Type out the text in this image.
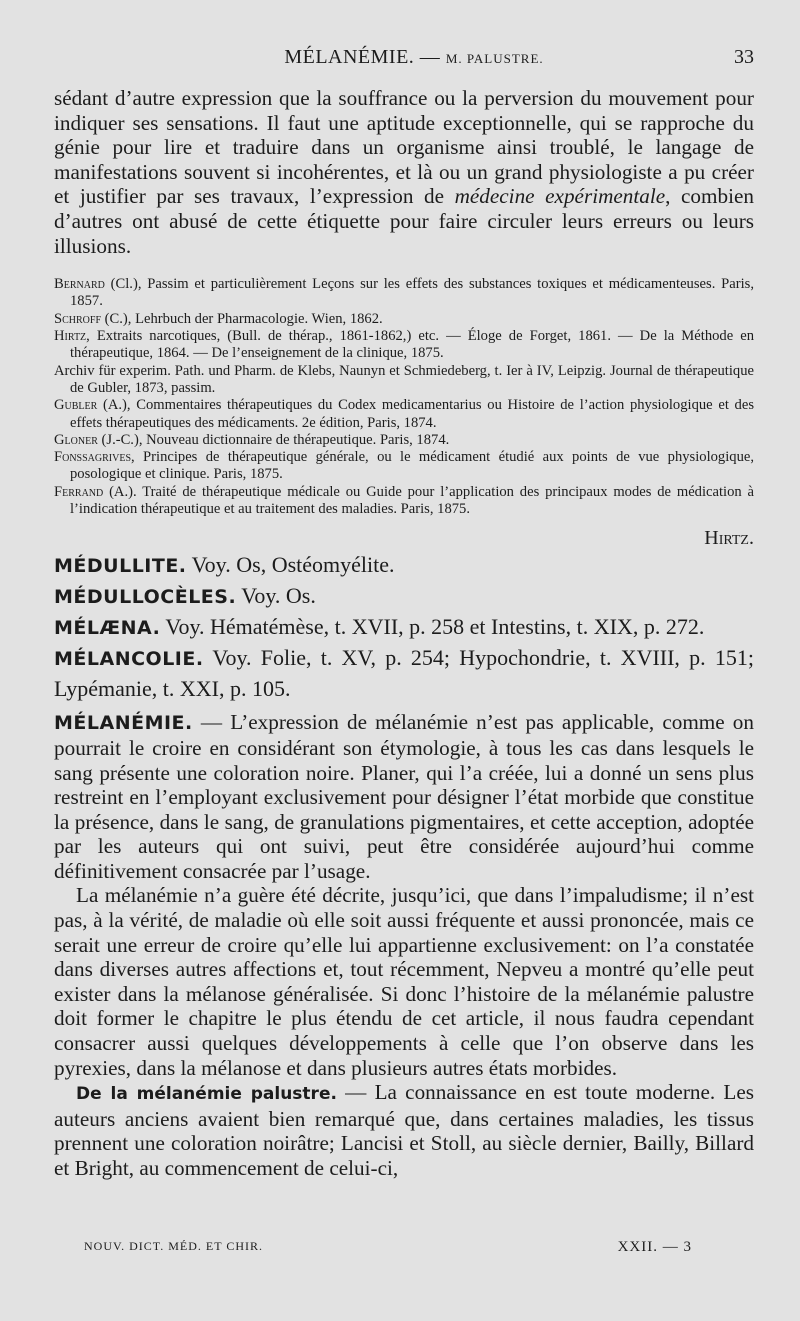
MÉLANÉMIE. — M. PALUSTRE.	33

sédant d’autre expression que la souffrance ou la perversion du mouvement pour indiquer ses sensations. Il faut une aptitude exceptionnelle, qui se rapproche du génie pour lire et traduire dans un organisme ainsi troublé, le langage de manifestations souvent si incohérentes, et là ou un grand physiologiste a pu créer et justifier par ses travaux, l’expression de médecine expérimentale, combien d’autres ont abusé de cette étiquette pour faire circuler leurs erreurs ou leurs illusions.

Bernard (Cl.), Passim et particulièrement Leçons sur les effets des substances toxiques et médicamenteuses. Paris, 1857.

Schroff (C.), Lehrbuch der Pharmacologie. Wien, 1862.

Hirtz, Extraits narcotiques, (Bull. de thérap., 1861-1862,) etc. — Éloge de Forget, 1861. — De la Méthode en thérapeutique, 1864. — De l’enseignement de la clinique, 1875.

Archiv für experim. Path. und Pharm. de Klebs, Naunyn et Schmiedeberg, t. Ier à IV, Leipzig. Journal de thérapeutique de Gubler, 1873, passim.

Gubler (A.), Commentaires thérapeutiques du Codex medicamentarius ou Histoire de l’action physiologique et des effets thérapeutiques des médicaments. 2e édition, Paris, 1874.

Gloner (J.-C.), Nouveau dictionnaire de thérapeutique. Paris, 1874.

Fonssagrives, Principes de thérapeutique générale, ou le médicament étudié aux points de vue physiologique, posologique et clinique. Paris, 1875.

Ferrand (A.). Traité de thérapeutique médicale ou Guide pour l’application des principaux modes de médication à l’indication thérapeutique et au traitement des maladies. Paris, 1875.

Hirtz.

MÉDULLITE. Voy. Os, Ostéomyélite.

MÉDULLOCÈLES. Voy. Os.

MÉLÆNA. Voy. Hématémèse, t. XVII, p. 258 et Intestins, t. XIX, p. 272.

MÉLANCOLIE. Voy. Folie, t. XV, p. 254; Hypochondrie, t. XVIII, p. 151; Lypémanie, t. XXI, p. 105.

MÉLANÉMIE. — L’expression de mélanémie n’est pas applicable, comme on pourrait le croire en considérant son étymologie, à tous les cas dans lesquels le sang présente une coloration noire. Planer, qui l’a créée, lui a donné un sens plus restreint en l’employant exclusivement pour désigner l’état morbide que constitue la présence, dans le sang, de granulations pigmentaires, et cette acception, adoptée par les auteurs qui ont suivi, peut être considérée aujourd’hui comme définitivement consacrée par l’usage.

La mélanémie n’a guère été décrite, jusqu’ici, que dans l’impaludisme; il n’est pas, à la vérité, de maladie où elle soit aussi fréquente et aussi prononcée, mais ce serait une erreur de croire qu’elle lui appartienne exclusivement: on l’a constatée dans diverses autres affections et, tout récemment, Nepveu a montré qu’elle peut exister dans la mélanose généralisée. Si donc l’histoire de la mélanémie palustre doit former le chapitre le plus étendu de cet article, il nous faudra cependant consacrer aussi quelques développements à celle que l’on observe dans les pyrexies, dans la mélanose et dans plusieurs autres états morbides.

De la mélanémie palustre. — La connaissance en est toute moderne. Les auteurs anciens avaient bien remarqué que, dans certaines maladies, les tissus prennent une coloration noirâtre; Lancisi et Stoll, au siècle dernier, Bailly, Billard et Bright, au commencement de celui-ci,

NOUV. DICT. MÉD. ET CHIR.	XXII. — 3
